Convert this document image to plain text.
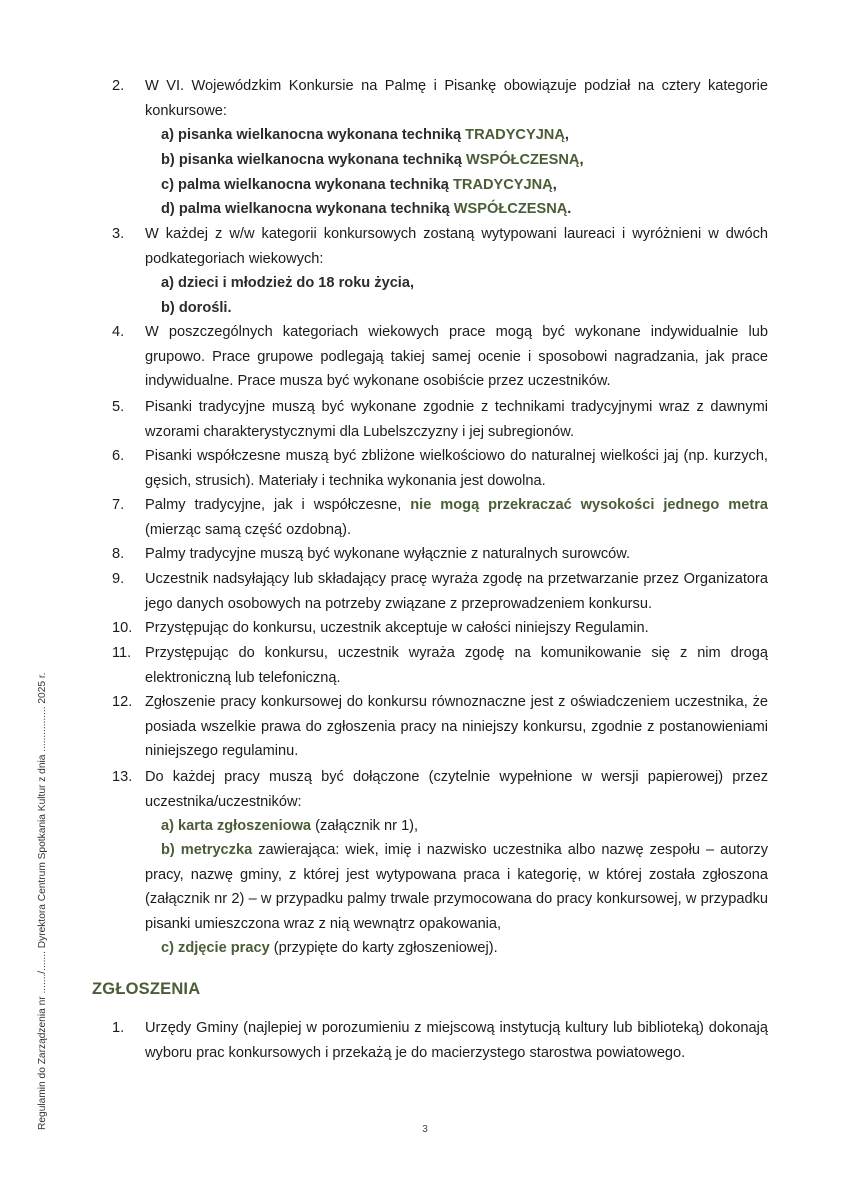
2.	W VI. Wojewódzkim Konkursie na Palmę i Pisankę obowiązuje podział na cztery kategorie konkursowe:
a) pisanka wielkanocna wykonana techniką TRADYCYJNĄ,
b) pisanka wielkanocna wykonana techniką WSPÓŁCZESNĄ,
c) palma wielkanocna wykonana techniką TRADYCYJNĄ,
d) palma wielkanocna wykonana techniką WSPÓŁCZESNĄ.
3.	W każdej z w/w kategorii konkursowych zostaną wytypowani laureaci i wyróżnieni w dwóch podkategoriach wiekowych:
a) dzieci i młodzież do 18 roku życia,
b) dorośli.
4.	W poszczególnych kategoriach wiekowych prace mogą być wykonane indywidualnie lub grupowo. Prace grupowe podlegają takiej samej ocenie i sposobowi nagradzania, jak prace indywidualne. Prace musza być wykonane osobiście przez uczestników.
5.	Pisanki tradycyjne muszą być wykonane zgodnie z technikami tradycyjnymi wraz z dawnymi wzorami charakterystycznymi dla Lubelszczyzny i jej subregionów.
6.	Pisanki współczesne muszą być zbliżone wielkościowo do naturalnej wielkości jaj (np. kurzych, gęsich, strusich). Materiały i technika wykonania jest dowolna.
7.	Palmy tradycyjne, jak i współczesne, nie mogą przekraczać wysokości jednego metra (mierząc samą część ozdobną).
8.	Palmy tradycyjne muszą być wykonane wyłącznie z naturalnych surowców.
9.	Uczestnik nadsyłający lub składający pracę wyraża zgodę na przetwarzanie przez Organizatora jego danych osobowych na potrzeby związane z przeprowadzeniem konkursu.
10. Przystępując do konkursu, uczestnik akceptuje w całości niniejszy Regulamin.
11. Przystępując do konkursu, uczestnik wyraża zgodę na komunikowanie się z nim drogą elektroniczną lub telefoniczną.
12. Zgłoszenie pracy konkursowej do konkursu równoznaczne jest z oświadczeniem uczestnika, że posiada wszelkie prawa do zgłoszenia pracy na niniejszy konkursu, zgodnie z postanowieniami niniejszego regulaminu.
13. Do każdej pracy muszą być dołączone (czytelnie wypełnione w wersji papierowej) przez uczestnika/uczestników:
a) karta zgłoszeniowa (załącznik nr 1),
b) metryczka zawierająca: wiek, imię i nazwisko uczestnika albo nazwę zespołu – autorzy pracy, nazwę gminy, z której jest wytypowana praca i kategorię, w której została zgłoszona (załącznik nr 2) – w przypadku palmy trwale przymocowana do pracy konkursowej, w przypadku pisanki umieszczona wraz z nią wewnątrz opakowania,
c) zdjęcie pracy (przypięte do karty zgłoszeniowej).
ZGŁOSZENIA
1.	Urzędy Gminy (najlepiej w porozumieniu z miejscową instytucją kultury lub biblioteką) dokonają wyboru prac konkursowych i przekażą je do macierzystego starostwa powiatowego.
Regulamin do Zarządzenia nr ......./....... Dyrektora Centrum Spotkania Kultur z dnia ................ 2025 r.	3
